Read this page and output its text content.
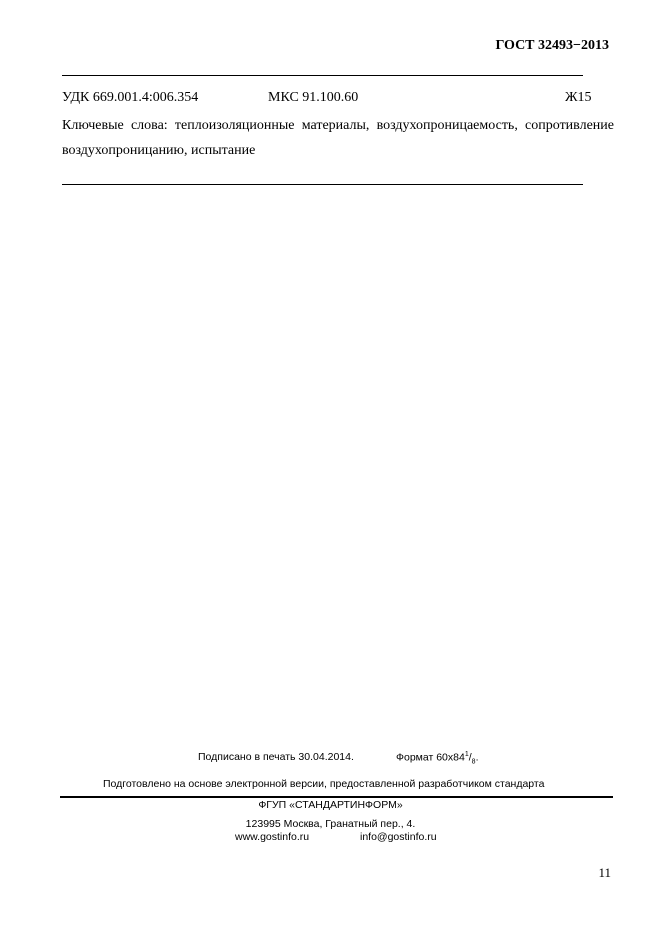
ГОСТ 32493−2013
УДК 669.001.4:006.354	МКС 91.100.60	Ж15
Ключевые слова: теплоизоляционные материалы, воздухопроницаемость, сопротивление воздухопроницанию, испытание
Подписано в печать 30.04.2014.	Формат $60х84^1/_8$.
Подготовлено на основе электронной версии, предоставленной разработчиком стандарта
ФГУП «СТАНДАРТИНФОРМ»
123995 Москва, Гранатный пер., 4.
www.gostinfo.ru	info@gostinfo.ru
11
